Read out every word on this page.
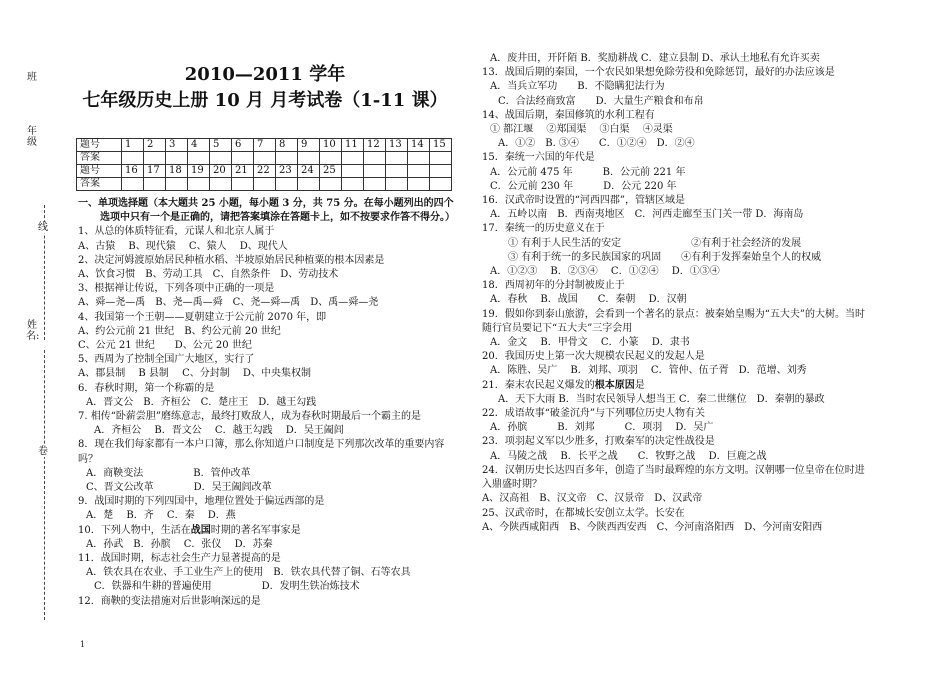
班
年级
线
姓名:
卷
2010—2011 学年
七年级历史上册 10 月 月考试卷（1-11 课）
题号	1	2	3	4	5	6	7	8	9	10	11	12	13	14	15
答案															
题号	16	17	18	19	20	21	22	23	24	25					
答案															
一、单项选择题（本大题共 25 小题，每小题 3 分，共 75 分。在每小题列出的四个选项中只有一个是正确的，请把答案填涂在答题卡上，如不按要求作答不得分。）
1、从总的体质特征看，元谋人和北京人属于
A、古猿　 B、现代猿　 C、猿人　 D、现代人
2、决定河姆渡原始居民种植水稻、半坡原始居民种植粟的根本因素是
A、饮食习惯　B、劳动工具　C、自然条件　D、劳动技术
3、根据禅让传说，下列各项中正确的一项是
A、舜—尧—禹　B、尧—禹—舜　C、尧—舜—禹　D、禹—舜—尧
4、我国第一个王朝——夏朝建立于公元前 2070 年，即
A、约公元前 21 世纪　B、约公元前 20 世纪
C、公元 21 世纪　　D、公元 20 世纪
5、西周为了控制全国广大地区，实行了
A、郡县制　 B 县制　 C、分封制　 D、中央集权制
6．春秋时期，第一个称霸的是
A．晋文公　B．齐桓公　C．楚庄王　D．越王勾践
7. 相传“卧薪尝胆”磨练意志，最终打败敌人，成为春秋时期最后一个霸主的是
A．齐桓公　 B．晋文公　 C．越王勾践　 D．吴王阖闾
8．现在我们每家都有一本户口簿，那么你知道户口制度是下列那次改革的重要内容吗？
A．商鞅变法　　　　　B．管仲改革
C、晋文公改革　　　　D．吴王阖闾改革
9．战国时期的下列四国中，地理位置处于偏远西部的是
A．楚　 B．齐　 C．秦　 D．燕
10．下列人物中，生活在战国时期的著名军事家是
A．孙武　B．孙膑　 C．张仪　 D．苏秦
11．战国时期，标志社会生产力显著提高的是
A．铁农具在农业、手工业生产上的使用　B．铁农具代替了铜、石等农具
C．铁器和牛耕的普遍使用　　　　　D．发明生铁冶炼技术
12．商鞅的变法措施对后世影响深远的是
A．废井田，开阡陌 B．奖励耕战 C．建立县制 D、承认土地私有允许买卖
13．战国后期的秦国，一个农民如果想免除劳役和免除惩罚，最好的办法应该是
A．当兵立军功　　B．不隐瞒犯法行为
C．合法经商致富　　D．大量生产粮食和布帛
14、战国后期，秦国修筑的水利工程有
① 都江堰　 ②郑国渠　 ③白渠　 ④灵渠
A．①②　B. ③④　　C．①②④　D．②④
15．秦统一六国的年代是
A．公元前 475 年　　　B．公元前 221 年
C．公元前 230 年　　　D．公元 220 年
16．汉武帝时设置的“河西四郡”，管辖区域是
A．五岭以南　B．西南夷地区　C．河西走廊至玉门关一带 D．海南岛
17．秦统一的历史意义在于
① 有利于人民生活的安定　　　　　　　②有利于社会经济的发展
③ 有利于统一的多民族国家的巩固　　④有利于发挥秦始皇个人的权威
A．①②③　 B．②③④　 C．①②④　 D．①③④
18．西周初年的分封制被废止于
A．春秋　 B．战国　　C．秦朝　 D．汉朝
19．假如你到泰山旅游，会看到一个著名的景点：被秦始皇赐为“五大夫”的大树。当时随行官员要记下“五大夫”三字会用
A．金文　 B．甲骨文　 C．小篆　 D．隶书
20．我国历史上第一次大规模农民起义的发起人是
A．陈胜、吴广　 B．刘邦、项羽　 C．管仲、伍子胥　D．范增、刘秀
21．秦末农民起义爆发的根本原因是
A．天下大雨 B．当时农民领导人想当王 C．秦二世继位　D．秦朝的暴政
22．成语故事“破釜沉舟”与下列哪位历史人物有关
A．孙膑　　　B．刘邦　　　C．项羽　 D．吴广
23．项羽起义军以少胜多，打败秦军的决定性战役是
A．马陵之战　 B．长平之战　　C．牧野之战　 D．巨鹿之战
24．汉朝历史长达四百多年，创造了当时最辉煌的东方文明。汉朝哪一位皇帝在位时进入鼎盛时期？
A、汉高祖　B、汉文帝　C、汉景帝　D、汉武帝
25、汉武帝时，在都城长安创立太学。长安在
A、今陕西咸阳西　B、今陕西西安西　C、今河南洛阳西　D、今河南安阳西
1
